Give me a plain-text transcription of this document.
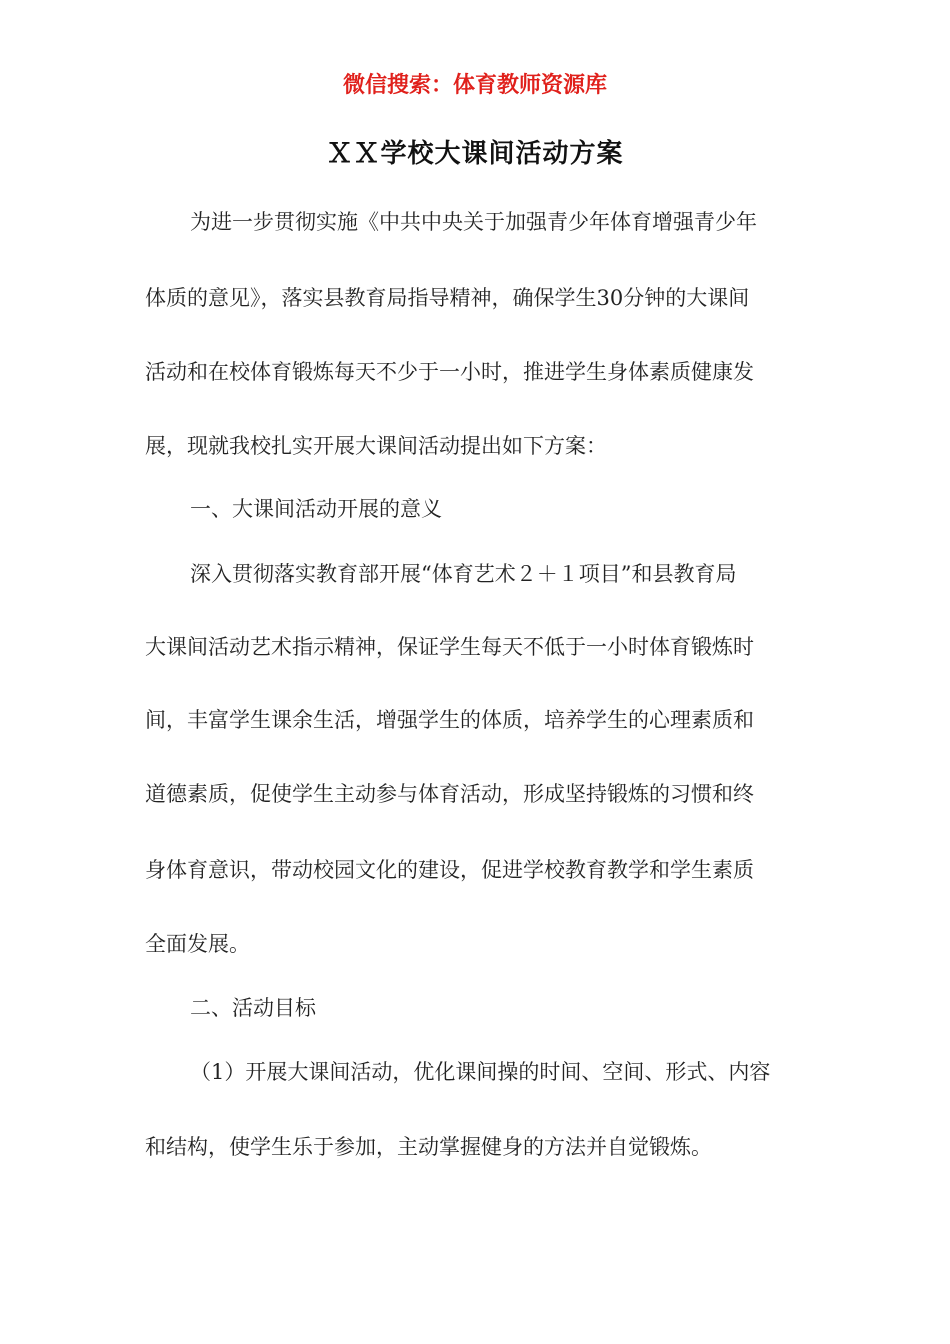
微信搜索：体育教师资源库
ＸＸ学校大课间活动方案
为进一步贯彻实施《中共中央关于加强青少年体育增强青少年
体质的意见》，落实县教育局指导精神，确保学生30分钟的大课间
活动和在校体育锻炼每天不少于一小时，推进学生身体素质健康发
展，现就我校扎实开展大课间活动提出如下方案：
一、大课间活动开展的意义
深入贯彻落实教育部开展“体育艺术２＋１项目”和县教育局
大课间活动艺术指示精神，保证学生每天不低于一小时体育锻炼时
间，丰富学生课余生活，增强学生的体质，培养学生的心理素质和
道德素质，促使学生主动参与体育活动，形成坚持锻炼的习惯和终
身体育意识，带动校园文化的建设，促进学校教育教学和学生素质
全面发展。
二、活动目标
（1）开展大课间活动，优化课间操的时间、空间、形式、内容
和结构，使学生乐于参加，主动掌握健身的方法并自觉锻炼。
